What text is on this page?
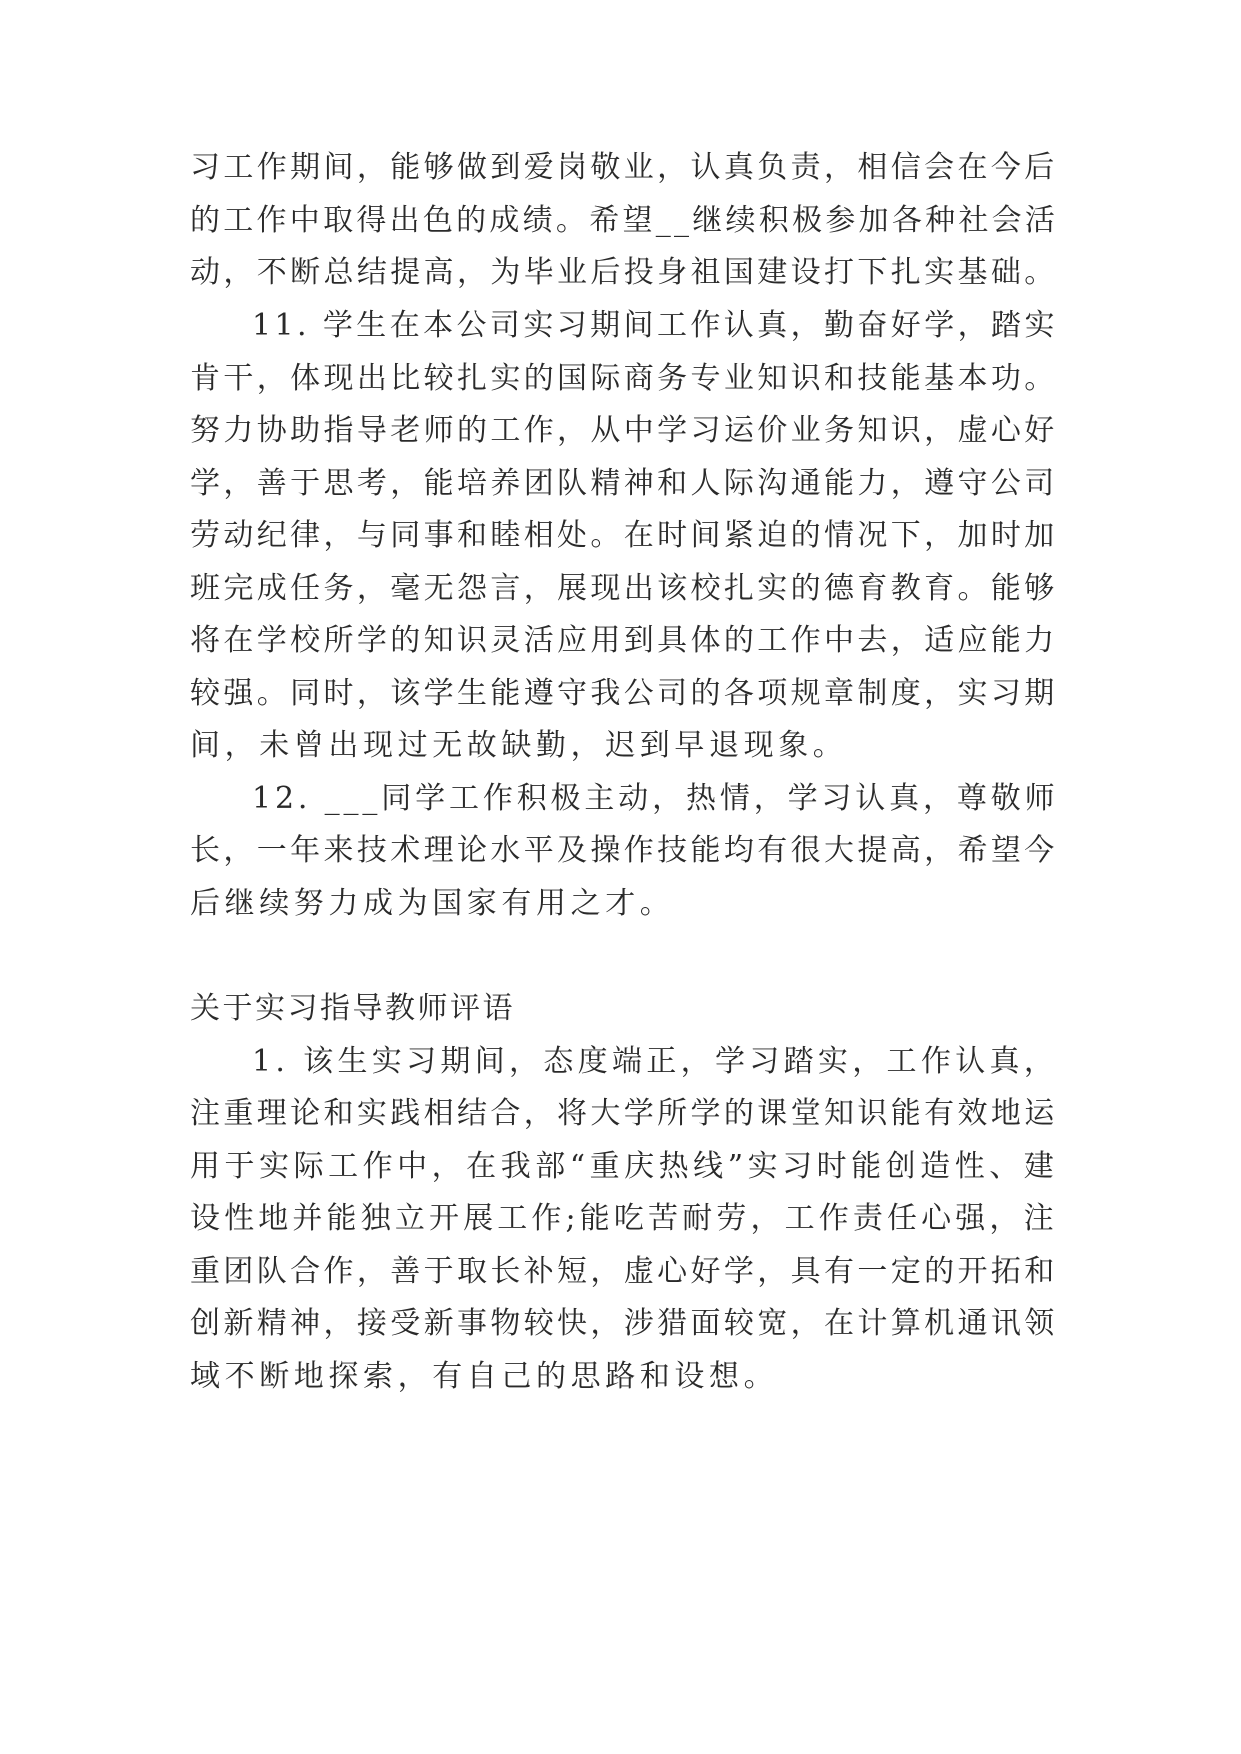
习工作期间，能够做到爱岗敬业，认真负责，相信会在今后
的工作中取得出色的成绩。希望__继续积极参加各种社会活
动，不断总结提高，为毕业后投身祖国建设打下扎实基础。
11. 学生在本公司实习期间工作认真，勤奋好学，踏实
肯干，体现出比较扎实的国际商务专业知识和技能基本功。
努力协助指导老师的工作，从中学习运价业务知识，虚心好
学，善于思考，能培养团队精神和人际沟通能力，遵守公司
劳动纪律，与同事和睦相处。在时间紧迫的情况下，加时加
班完成任务，毫无怨言，展现出该校扎实的德育教育。能够
将在学校所学的知识灵活应用到具体的工作中去，适应能力
较强。同时，该学生能遵守我公司的各项规章制度，实习期
间，未曾出现过无故缺勤，迟到早退现象。
12. ___同学工作积极主动，热情，学习认真，尊敬师
长，一年来技术理论水平及操作技能均有很大提高，希望今
后继续努力成为国家有用之才。
关于实习指导教师评语
1. 该生实习期间，态度端正，学习踏实，工作认真，
注重理论和实践相结合，将大学所学的课堂知识能有效地运
用于实际工作中，在我部“重庆热线”实习时能创造性、建
设性地并能独立开展工作;能吃苦耐劳，工作责任心强，注
重团队合作，善于取长补短，虚心好学，具有一定的开拓和
创新精神，接受新事物较快，涉猎面较宽，在计算机通讯领
域不断地探索，有自己的思路和设想。
